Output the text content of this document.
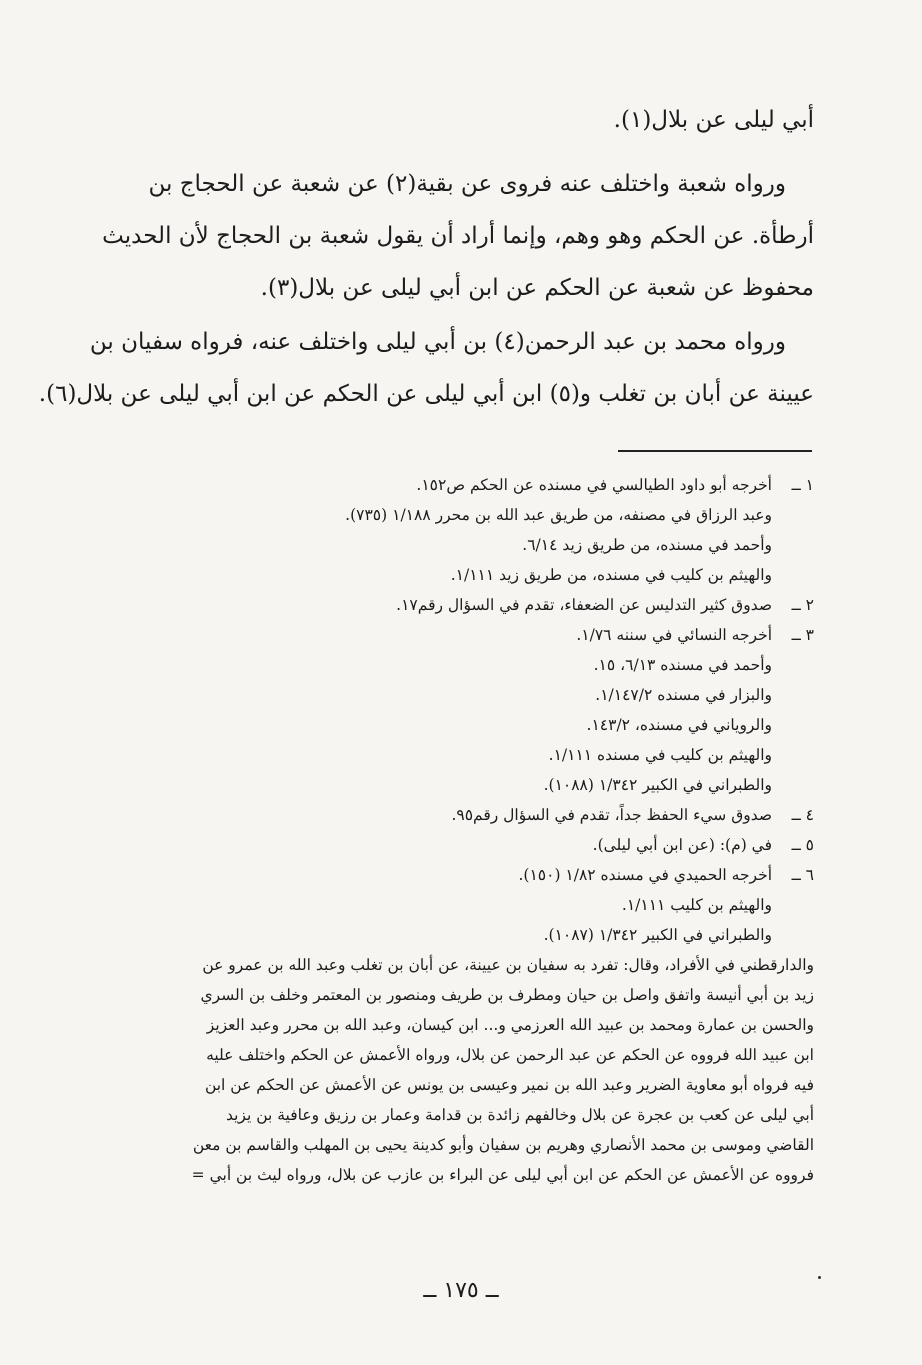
أبي ليلى عن بلال(١).
ورواه شعبة واختلف عنه فروى عن بقية(٢) عن شعبة عن الحجاج بن
أرطأة. عن الحكم وهو وهم، وإنما أراد أن يقول شعبة بن الحجاج لأن الحديث
محفوظ عن شعبة عن الحكم عن ابن أبي ليلى عن بلال(٣).
ورواه محمد بن عبد الرحمن(٤) بن أبي ليلى واختلف عنه، فرواه سفيان بن
عيينة عن أبان بن تغلب و(٥) ابن أبي ليلى عن الحكم عن ابن أبي ليلى عن بلال(٦).
١ ــأخرجه أبو داود الطيالسي في مسنده عن الحكم ص١٥٢.
وعبد الرزاق في مصنفه، من طريق عبد الله بن محرر ١/١٨٨ (٧٣٥).
وأحمد في مسنده، من طريق زيد ٦/١٤.
والهيثم بن كليب في مسنده، من طريق زيد ١/١١١.
٢ ــصدوق كثير التدليس عن الضعفاء، تقدم في السؤال رقم١٧.
٣ ــأخرجه النسائي في سننه ١/٧٦.
وأحمد في مسنده ٦/١٣، ١٥.
والبزار في مسنده ١/١٤٧/٢.
والروياني في مسنده، ١٤٣/٢.
والهيثم بن كليب في مسنده ١/١١١.
والطبراني في الكبير ١/٣٤٢ (١٠٨٨).
٤ ــصدوق سيء الحفظ جداً، تقدم في السؤال رقم٩٥.
٥ ــفي (م): (عن ابن أبي ليلى).
٦ ــأخرجه الحميدي في مسنده ١/٨٢ (١٥٠).
والهيثم بن كليب ١/١١١.
والطبراني في الكبير ١/٣٤٢ (١٠٨٧).
والدارقطني في الأفراد، وقال: تفرد به سفيان بن عيينة، عن أبان بن تغلب وعبد الله بن عمرو عن
زيد بن أبي أنيسة واتفق واصل بن حيان ومطرف بن طريف ومنصور بن المعتمر وخلف بن السري
والحسن بن عمارة ومحمد بن عبيد الله العرزمي و... ابن كيسان، وعبد الله بن محرر وعبد العزيز
ابن عبيد الله فرووه عن الحكم عن عبد الرحمن عن بلال، ورواه الأعمش عن الحكم واختلف عليه
فيه فرواه أبو معاوية الضرير وعبد الله بن نمير وعيسى بن يونس عن الأعمش عن الحكم عن ابن
أبي ليلى عن كعب بن عجرة عن بلال وخالفهم زائدة بن قدامة وعمار بن رزيق وعافية بن يزيد
القاضي وموسى بن محمد الأنصاري وهريم بن سفيان وأبو كدينة يحيى بن المهلب والقاسم بن معن
فرووه عن الأعمش عن الحكم عن ابن أبي ليلى عن البراء بن عازب عن بلال، ورواه ليث بن أبي =
ــ ١٧٥ ــ
